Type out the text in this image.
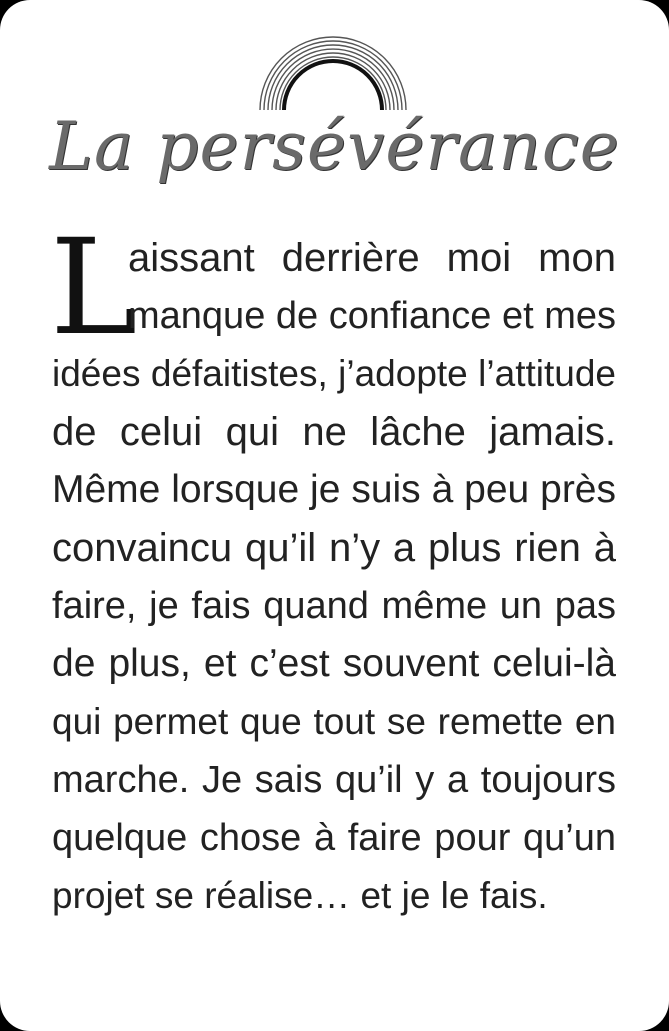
La persévérance
L
aissant derrière moi mon
manque de confiance et mes
idées défaitistes, j’adopte l’attitude
de celui qui ne lâche jamais.
Même lorsque je suis à peu près
convaincu qu’il n’y a plus rien à
faire, je fais quand même un pas
de plus, et c’est souvent celui-là
qui permet que tout se remette en
marche. Je sais qu’il y a toujours
quelque chose à faire pour qu’un
projet se réalise… et je le fais.
